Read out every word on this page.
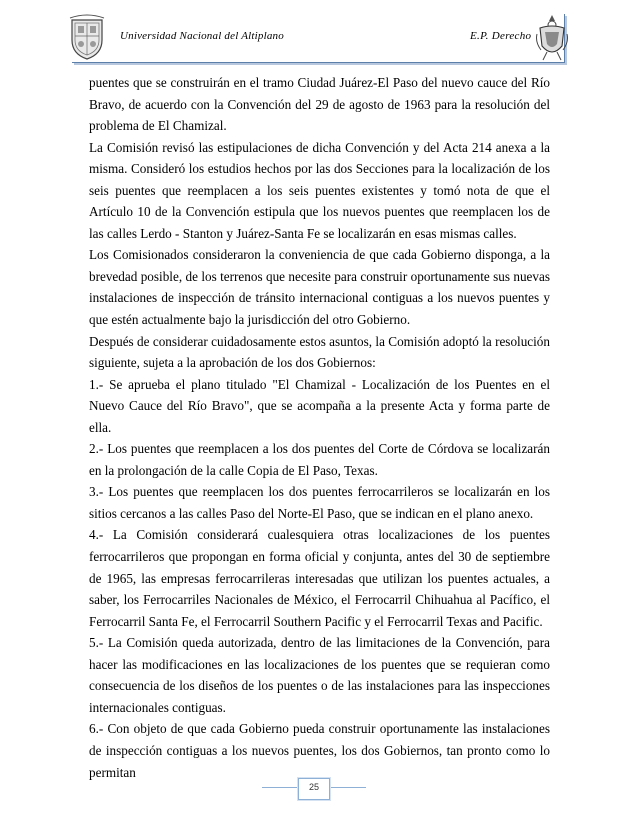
Universidad Nacional del Altiplano	E.P. Derecho

puentes que se construirán en el tramo Ciudad Juárez-El Paso del nuevo cauce del Río Bravo, de acuerdo con la Convención del 29 de agosto de 1963 para la resolución del problema de El Chamizal.

La Comisión revisó las estipulaciones de dicha Convención y del Acta 214 anexa a la misma. Consideró los estudios hechos por las dos Secciones para la localización de los seis puentes que reemplacen a los seis puentes existentes y tomó nota de que el Artículo 10 de la Convención estipula que los nuevos puentes que reemplacen los de las calles Lerdo - Stanton y Juárez-Santa Fe se localizarán en esas mismas calles.

Los Comisionados consideraron la conveniencia de que cada Gobierno disponga, a la brevedad posible, de los terrenos que necesite para construir oportunamente sus nuevas instalaciones de inspección de tránsito internacional contiguas a los nuevos puentes y que estén actualmente bajo la jurisdicción del otro Gobierno.

Después de considerar cuidadosamente estos asuntos, la Comisión adoptó la resolución siguiente, sujeta a la aprobación de los dos Gobiernos:

1.- Se aprueba el plano titulado "El Chamizal - Localización de los Puentes en el Nuevo Cauce del Río Bravo", que se acompaña a la presente Acta y forma parte de ella.

2.- Los puentes que reemplacen a los dos puentes del Corte de Córdova se localizarán en la prolongación de la calle Copia de El Paso, Texas.

3.- Los puentes que reemplacen los dos puentes ferrocarrileros se localizarán en los sitios cercanos a las calles Paso del Norte-El Paso, que se indican en el plano anexo.

4.- La Comisión considerará cualesquiera otras localizaciones de los puentes ferrocarrileros que propongan en forma oficial y conjunta, antes del 30 de septiembre de 1965, las empresas ferrocarrileras interesadas que utilizan los puentes actuales, a saber, los Ferrocarriles Nacionales de México, el Ferrocarril Chihuahua al Pacífico, el Ferrocarril Santa Fe, el Ferrocarril Southern Pacific y el Ferrocarril Texas and Pacific.

5.- La Comisión queda autorizada, dentro de las limitaciones de la Convención, para hacer las modificaciones en las localizaciones de los puentes que se requieran como consecuencia de los diseños de los puentes o de las instalaciones para las inspecciones internacionales contiguas.

6.- Con objeto de que cada Gobierno pueda construir oportunamente las instalaciones de inspección contiguas a los nuevos puentes, los dos Gobiernos, tan pronto como lo permitan

25
